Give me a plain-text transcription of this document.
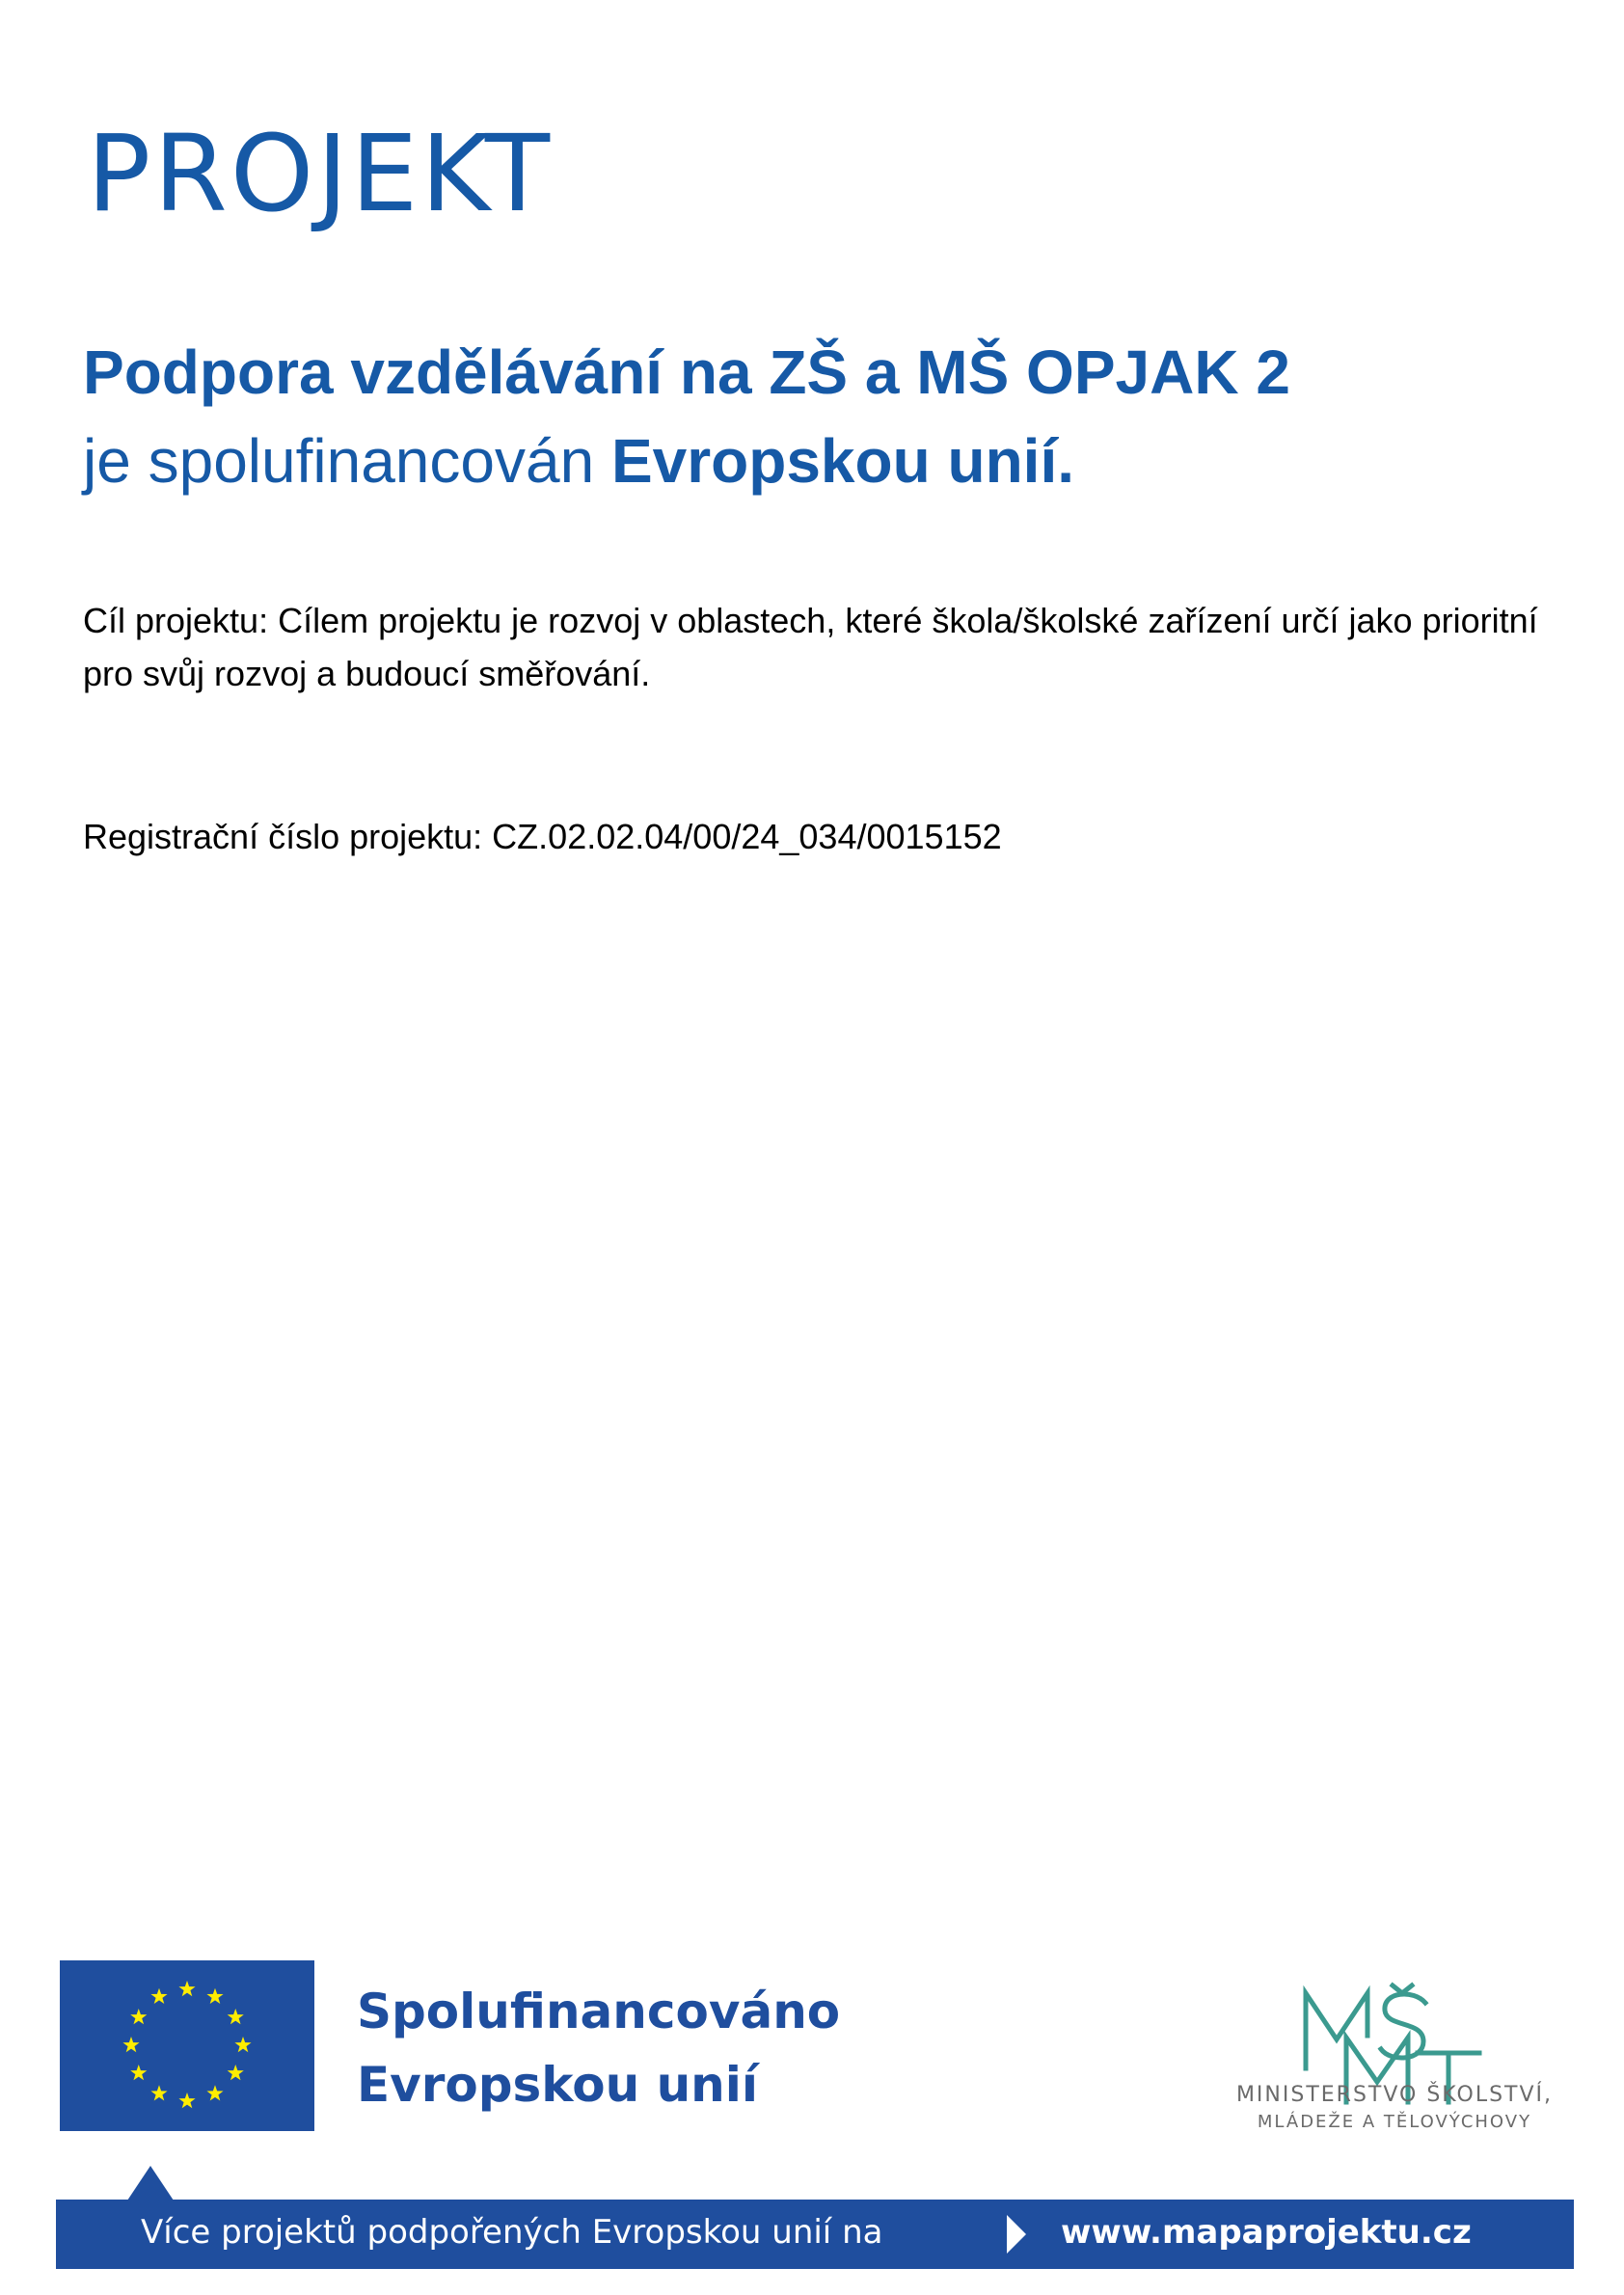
PROJEKT
Podpora vzdělávání na ZŠ a MŠ OPJAK 2
je spolufinancován Evropskou unií.
Cíl projektu: Cílem projektu je rozvoj v oblastech, které škola/školské zařízení určí jako prioritní pro svůj rozvoj a budoucí směřování.
Registrační číslo projektu: CZ.02.02.04/00/24_034/0015152
Spolufinancováno
Evropskou unií	MINISTERSTVO ŠKOLSTVÍ,
MLÁDEŽE A TĚLOVÝCHOVY
Více projektů podpořených Evropskou unií na	www.mapaprojektu.cz
